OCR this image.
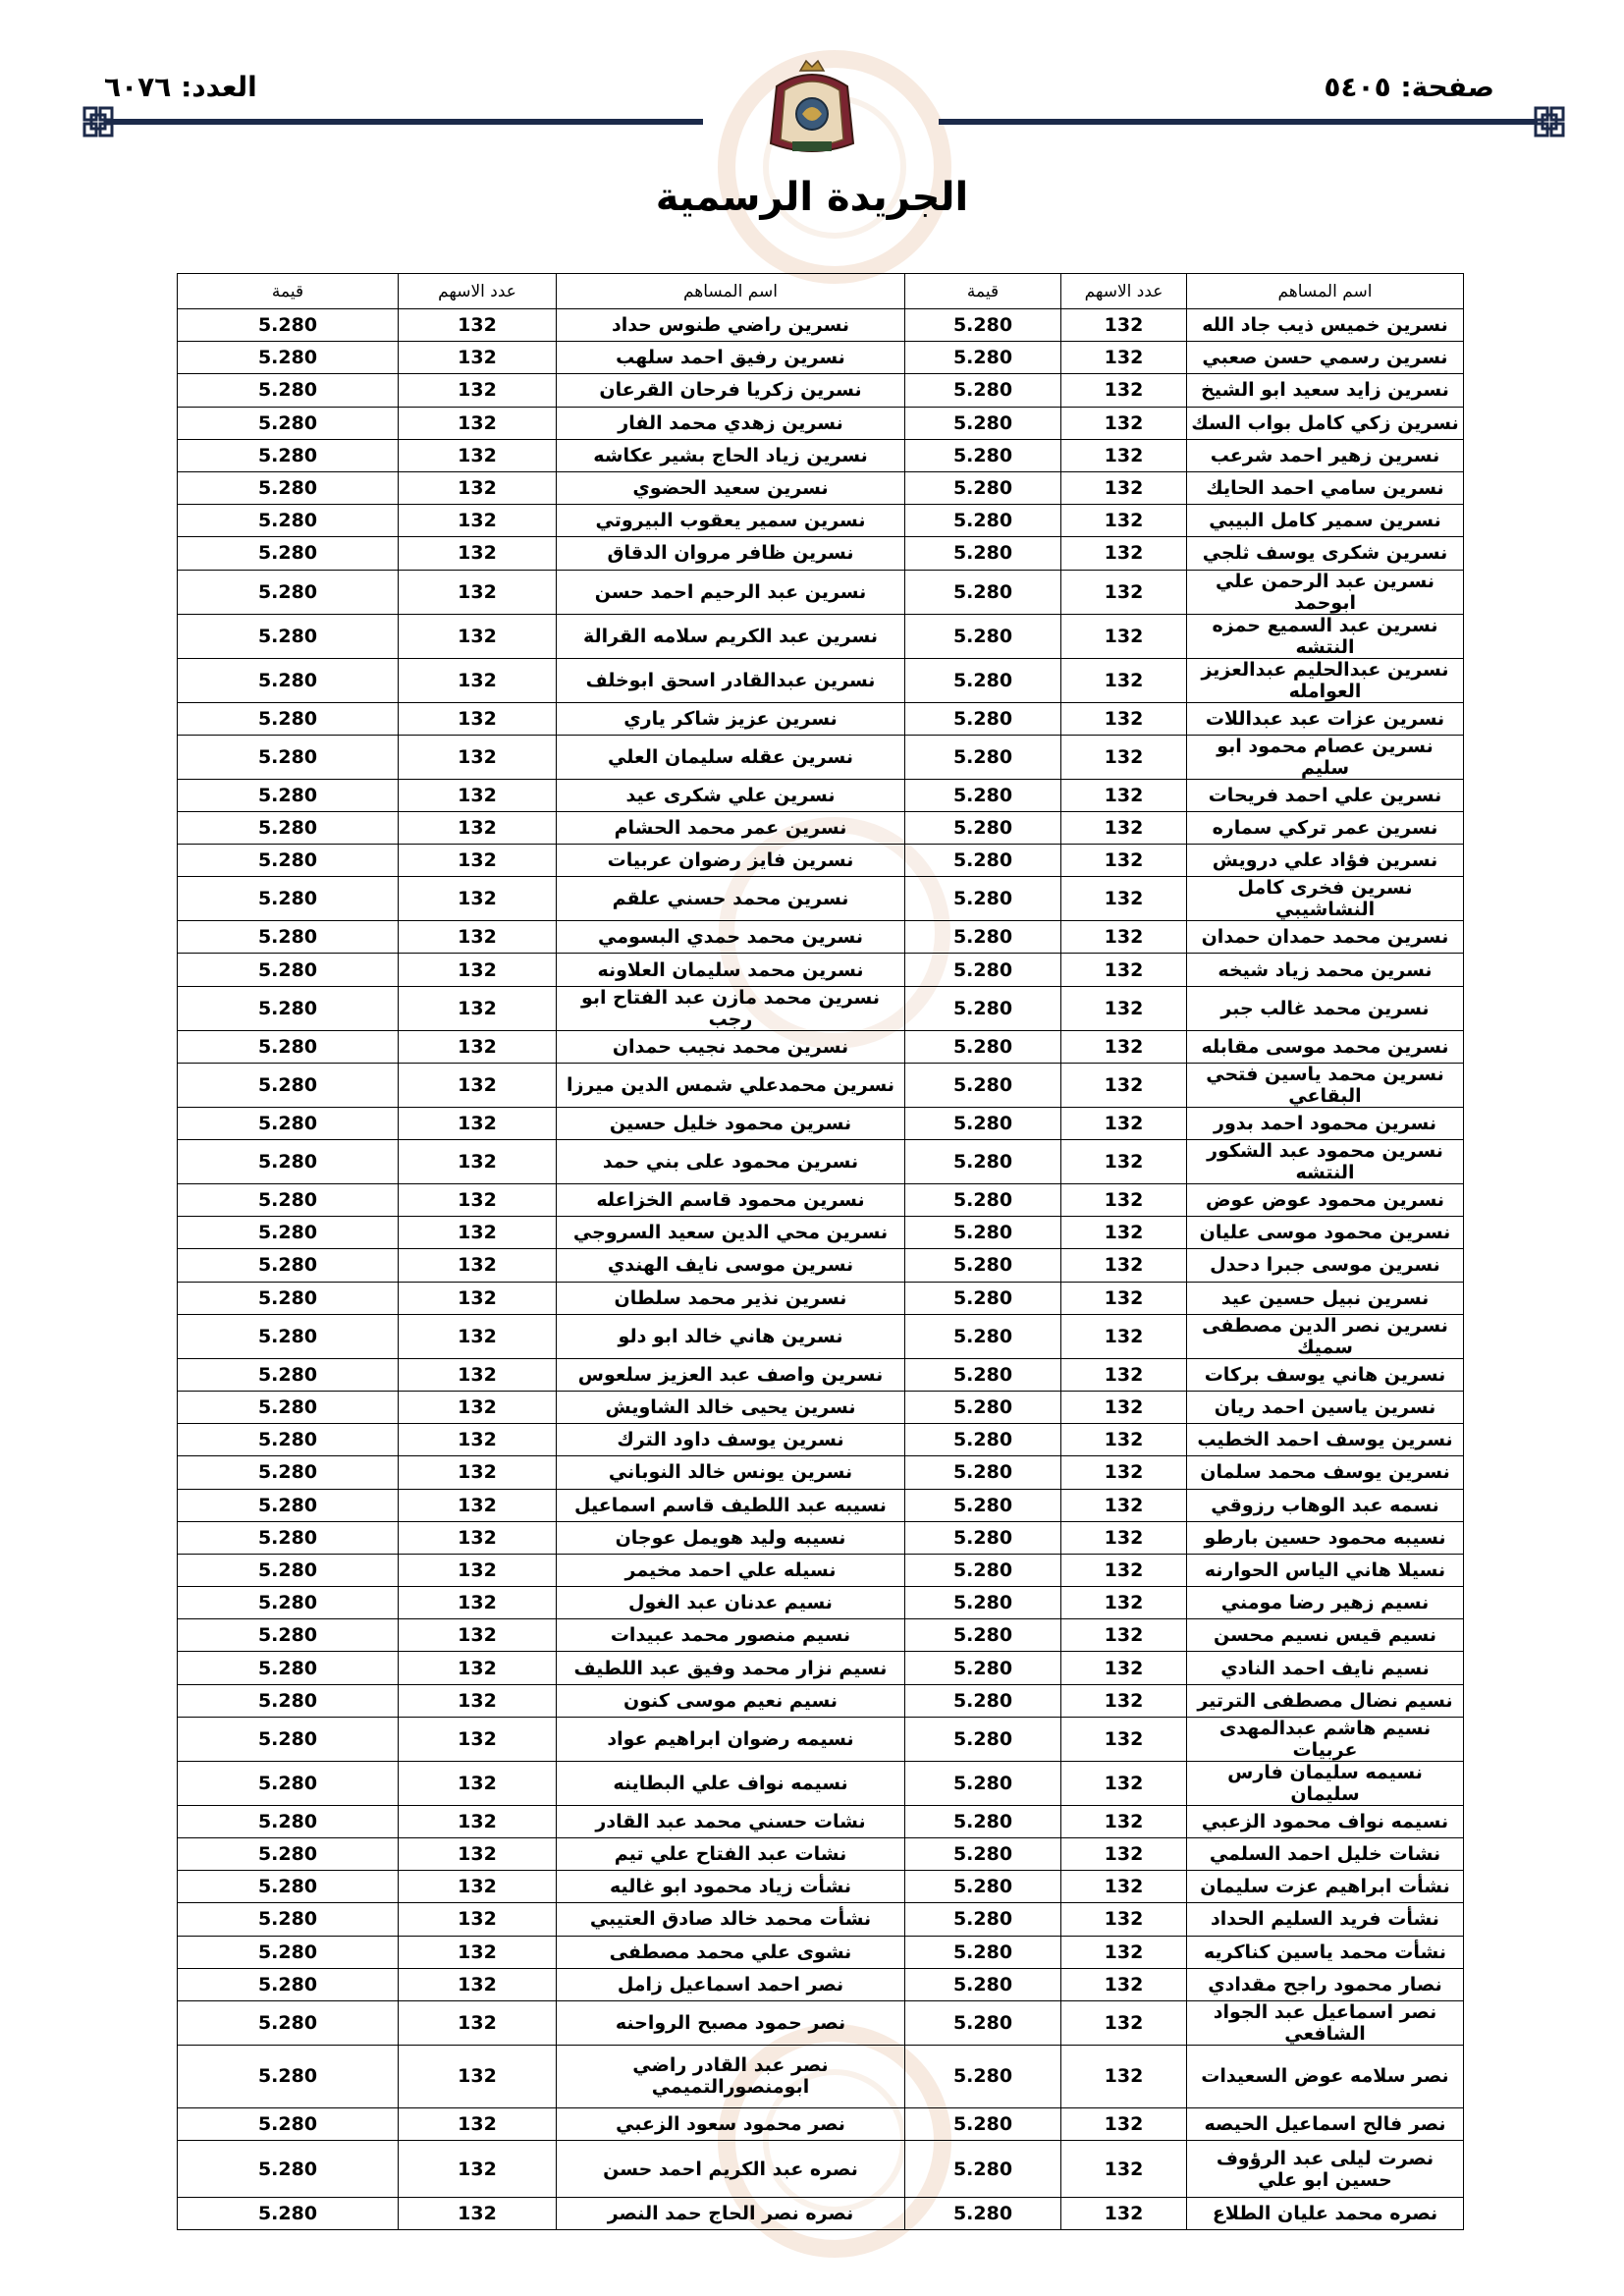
صفحة: ٥٤٠٥
العدد: ٦٠٧٦
الجريدة الرسمية
اسم المساهم	عدد الاسهم	قيمة	اسم المساهم	عدد الاسهم	قيمة
نسرين خميس ذيب جاد الله	132	5.280	نسرين راضي طنوس حداد	132	5.280
نسرين رسمي حسن صعبي	132	5.280	نسرين رفيق احمد سلهب	132	5.280
نسرين زايد سعيد ابو الشيخ	132	5.280	نسرين زكريا فرحان القرعان	132	5.280
نسرين زكي كامل بواب السك	132	5.280	نسرين زهدي محمد الفار	132	5.280
نسرين زهير احمد شرعب	132	5.280	نسرين زياد الحاج بشير عكاشه	132	5.280
نسرين سامي احمد الحايك	132	5.280	نسرين سعيد الحضوي	132	5.280
نسرين سمير كامل البيبي	132	5.280	نسرين سمير يعقوب البيروتي	132	5.280
نسرين شكرى يوسف ثلجي	132	5.280	نسرين ظافر مروان الدقاق	132	5.280
نسرين عبد الرحمن علي ابوحمد	132	5.280	نسرين عبد الرحيم احمد حسن	132	5.280
نسرين عبد السميع حمزه النتشه	132	5.280	نسرين عبد الكريم سلامه القرالة	132	5.280
نسرين عبدالحليم عبدالعزيز العوامله	132	5.280	نسرين عبدالقادر اسحق ابوخلف	132	5.280
نسرين عزات عبد عبداللات	132	5.280	نسرين عزيز شاكر ياري	132	5.280
نسرين عصام محمود ابو سليم	132	5.280	نسرين عقله سليمان العلي	132	5.280
نسرين علي احمد فريحات	132	5.280	نسرين علي شكرى عيد	132	5.280
نسرين عمر تركي سماره	132	5.280	نسرين عمر محمد الحشام	132	5.280
نسرين فؤاد علي درويش	132	5.280	نسرين فايز رضوان عربيات	132	5.280
نسرين فخرى كامل النشاشيبي	132	5.280	نسرين محمد حسني علقم	132	5.280
نسرين محمد حمدان حمدان	132	5.280	نسرين محمد حمدي البسومي	132	5.280
نسرين محمد زياد شيخه	132	5.280	نسرين محمد سليمان العلاونه	132	5.280
نسرين محمد غالب جبر	132	5.280	نسرين محمد مازن عبد الفتاح ابو رجب	132	5.280
نسرين محمد موسى مقابله	132	5.280	نسرين محمد نجيب حمدان	132	5.280
نسرين محمد ياسين فتحي البقاعي	132	5.280	نسرين محمدعلي شمس الدين ميرزا	132	5.280
نسرين محمود احمد بدور	132	5.280	نسرين محمود خليل حسين	132	5.280
نسرين محمود عبد الشكور النتشه	132	5.280	نسرين محمود على بني حمد	132	5.280
نسرين محمود عوض عوض	132	5.280	نسرين محمود قاسم الخزاعله	132	5.280
نسرين محمود موسى عليان	132	5.280	نسرين محي الدين سعيد السروجي	132	5.280
نسرين موسى جبرا دحدل	132	5.280	نسرين موسى نايف الهندي	132	5.280
نسرين نبيل حسين عيد	132	5.280	نسرين نذير محمد سلطان	132	5.280
نسرين نصر الدين مصطفى سميك	132	5.280	نسرين هاني خالد ابو دلو	132	5.280
نسرين هاني يوسف بركات	132	5.280	نسرين واصف عبد العزيز سلعوس	132	5.280
نسرين ياسين احمد ريان	132	5.280	نسرين يحيى خالد الشاويش	132	5.280
نسرين يوسف احمد الخطيب	132	5.280	نسرين يوسف داود الترك	132	5.280
نسرين يوسف محمد سلمان	132	5.280	نسرين يونس خالد النوباني	132	5.280
نسمه عبد الوهاب رزوقي	132	5.280	نسيبه عبد اللطيف قاسم اسماعيل	132	5.280
نسيبه محمود حسين بارطو	132	5.280	نسيبه وليد هويمل عوجان	132	5.280
نسيلا هاني الياس الحوارنه	132	5.280	نسيله علي احمد مخيمر	132	5.280
نسيم زهير رضا مومني	132	5.280	نسيم عدنان عبد الغول	132	5.280
نسيم قيس نسيم محسن	132	5.280	نسيم منصور محمد عبيدات	132	5.280
نسيم نايف احمد النادي	132	5.280	نسيم نزار محمد وفيق عبد اللطيف	132	5.280
نسيم نضال مصطفى الترتير	132	5.280	نسيم نعيم موسى كنون	132	5.280
نسيم هاشم عبدالمهدى عربيات	132	5.280	نسيمه رضوان ابراهيم عواد	132	5.280
نسيمه سليمان فارس سليمان	132	5.280	نسيمه نواف علي البطاينه	132	5.280
نسيمه نواف محمود الزعبي	132	5.280	نشات حسني محمد عبد القادر	132	5.280
نشات خليل احمد السلمي	132	5.280	نشات عبد الفتاح علي تيم	132	5.280
نشأت ابراهيم عزت سليمان	132	5.280	نشأت زياد محمود ابو غاليه	132	5.280
نشأت فريد السليم الحداد	132	5.280	نشأت محمد خالد صادق العتيبي	132	5.280
نشأت محمد ياسين كناكريه	132	5.280	نشوى علي محمد مصطفى	132	5.280
نصار محمود راجح مقدادي	132	5.280	نصر احمد اسماعيل زامل	132	5.280
نصر اسماعيل عبد الجواد الشافعي	132	5.280	نصر حمود مصبح الرواحنه	132	5.280
نصر سلامه عوض السعيدات	132	5.280	نصر عبد القادر راضي ابومنصورالتميمي	132	5.280
نصر فالح اسماعيل الحيصه	132	5.280	نصر محمود سعود الزعبي	132	5.280
نصرت ليلى عبد الرؤوف حسين ابو علي	132	5.280	نصره عبد الكريم احمد حسن	132	5.280
نصره محمد عليان الطلاع	132	5.280	نصره نصر الحاج حمد النصر	132	5.280
